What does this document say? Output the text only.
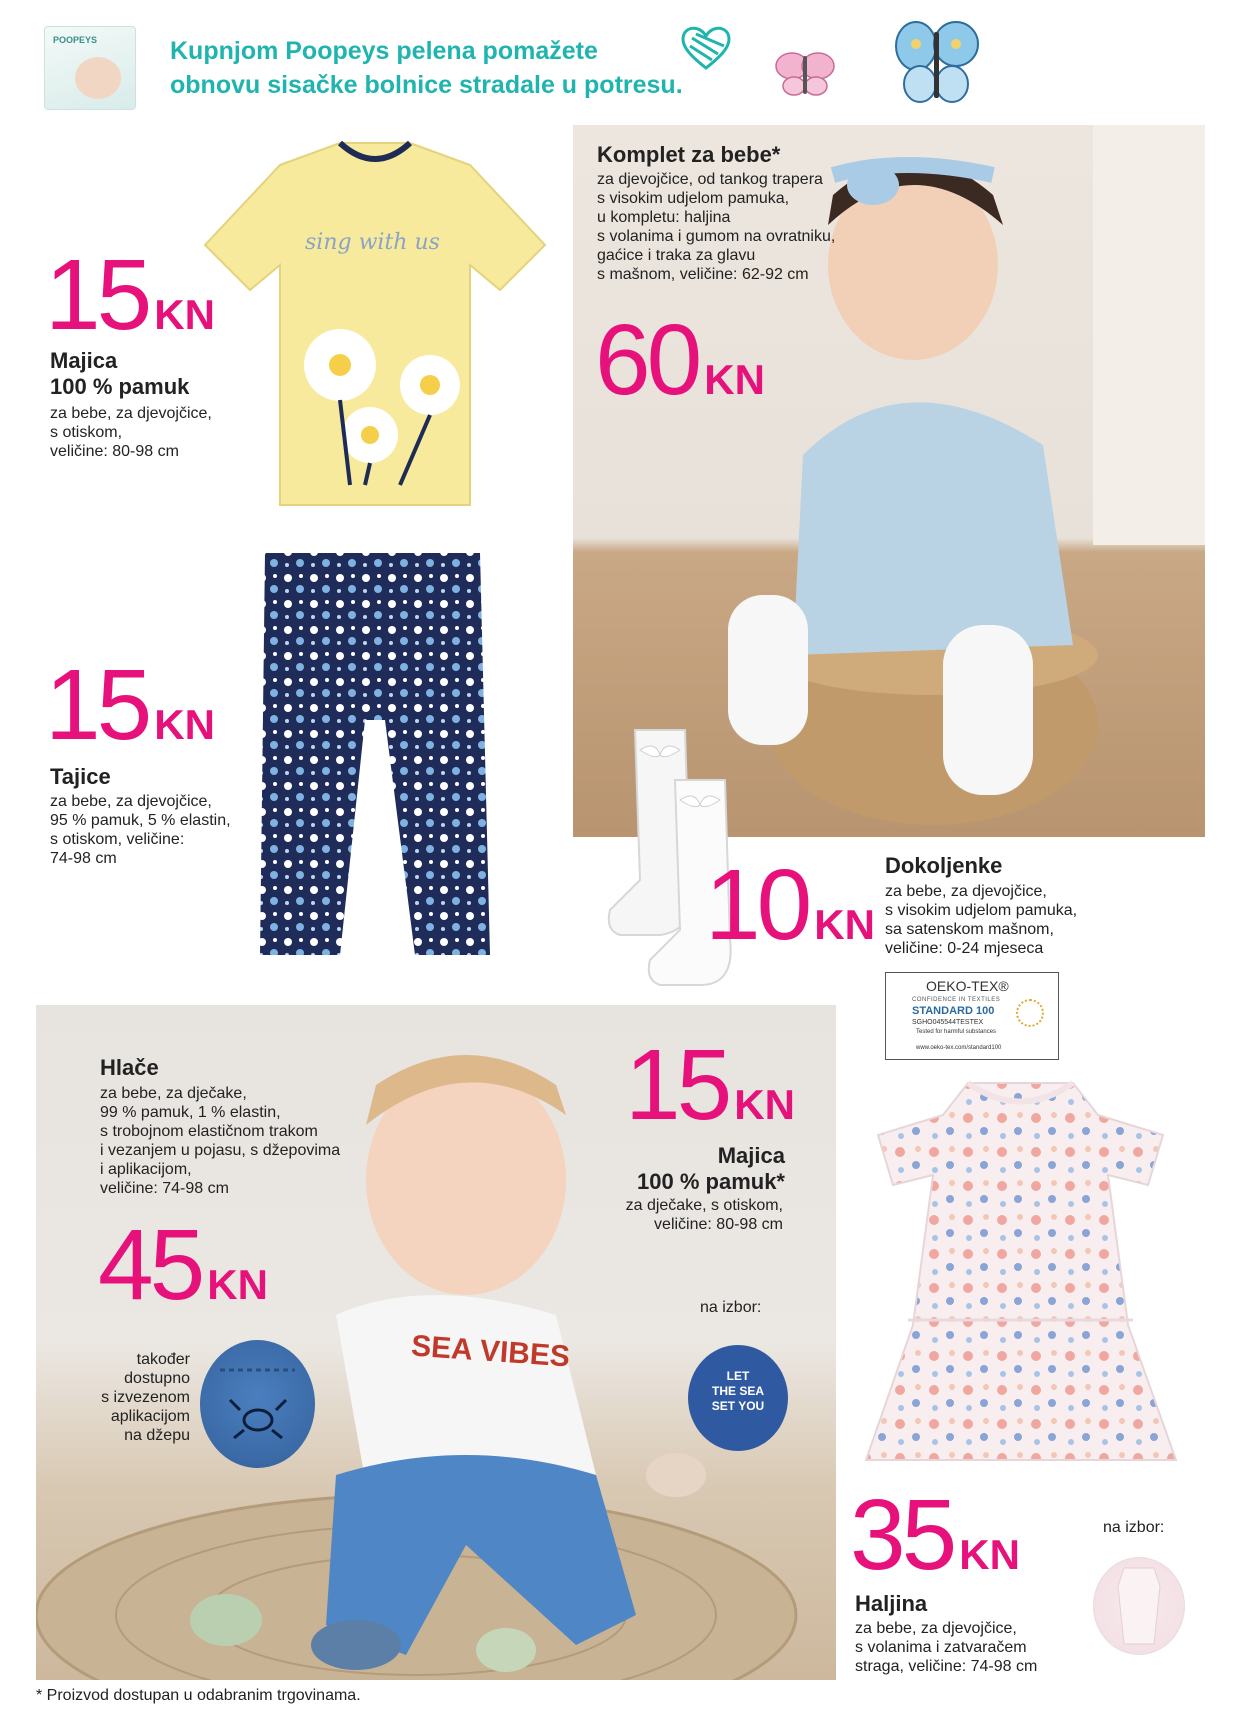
POOPEYS	Kupnjom Poopeys pelena pomažete
obnovu sisačke bolnice stradale u potresu.
sing with us
15 KN
Majica
100 % pamuk
za bebe, za djevojčice,
s otiskom,
veličine: 80-98 cm
15 KN
Tajice
za bebe, za djevojčice,
95 % pamuk, 5 % elastin,
s otiskom, veličine:
74-98 cm
Komplet za bebe*
za djevojčice, od tankog trapera
s visokim udjelom pamuka,
u kompletu: haljina
s volanima i gumom na ovratniku,
gaćice i traka za glavu
s mašnom, veličine: 62-92 cm
60 KN
10 KN
Dokoljenke
za bebe, za djevojčice,
s visokim udjelom pamuka,
sa satenskom mašnom,
veličine: 0-24 mjeseca
OEKO-TEX®
CONFIDENCE IN TEXTILES
STANDARD 100
SGHO045544TESTEX
Tested for harmful substances
www.oeko-tex.com/standard100
SEA VIBES
također
dostupno
s izvezenom
aplikacijom
na džepu
Hlače
za bebe, za dječake,
99 % pamuk, 1 % elastin,
s trobojnom elastičnom trakom
i vezanjem u pojasu, s džepovima
i aplikacijom,
veličine: 74-98 cm
45 KN
15 KN
Majica
100 % pamuk*
za dječake, s otiskom,
veličine: 80-98 cm
na izbor:
LET
THE SEA
SET YOU
35 KN
Haljina
za bebe, za djevojčice,
s volanima i zatvaračem
straga, veličine: 74-98 cm
na izbor:
* Proizvod dostupan u odabranim trgovinama.
